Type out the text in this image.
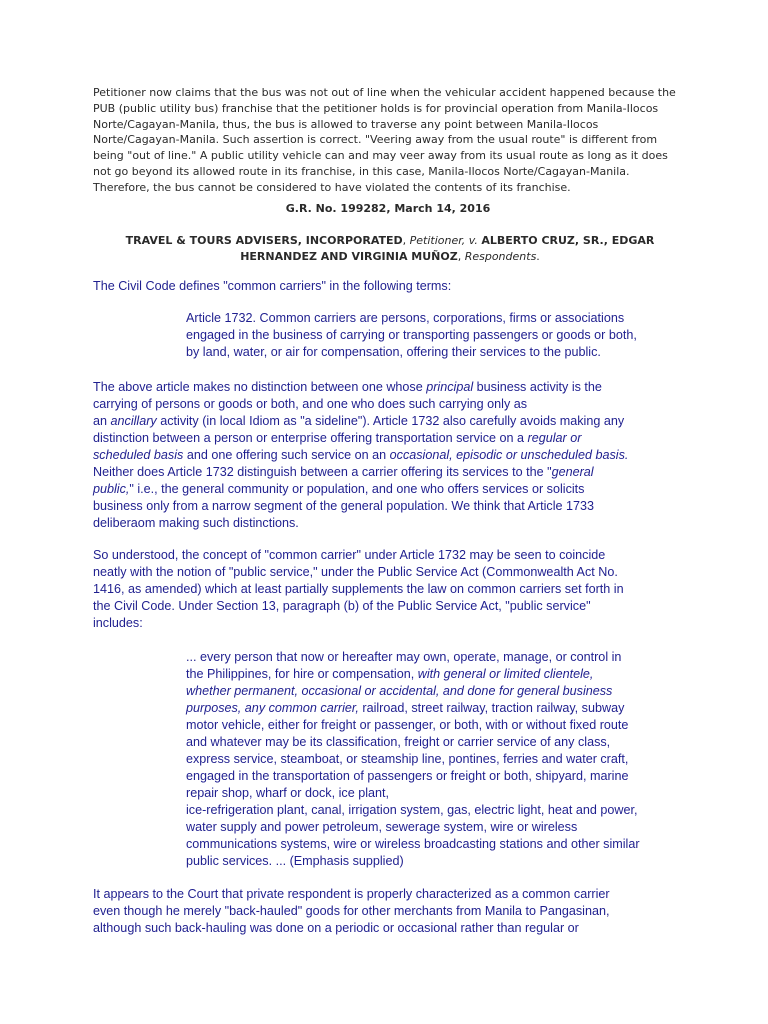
Petitioner now claims that the bus was not out of line when the vehicular accident happened because the
PUB (public utility bus) franchise that the petitioner holds is for provincial operation from Manila-Ilocos
Norte/Cagayan-Manila, thus, the bus is allowed to traverse any point between Manila-Ilocos
Norte/Cagayan-Manila. Such assertion is correct. "Veering away from the usual route" is different from
being "out of line." A public utility vehicle can and may veer away from its usual route as long as it does
not go beyond its allowed route in its franchise, in this case, Manila-Ilocos Norte/Cagayan-Manila.
Therefore, the bus cannot be considered to have violated the contents of its franchise.

G.R. No. 199282, March 14, 2016

TRAVEL & TOURS ADVISERS, INCORPORATED, Petitioner, v. ALBERTO CRUZ, SR., EDGAR
HERNANDEZ AND VIRGINIA MUÑOZ, Respondents.

The Civil Code defines "common carriers" in the following terms:

Article 1732. Common carriers are persons, corporations, firms or associations
engaged in the business of carrying or transporting passengers or goods or both,
by land, water, or air for compensation, offering their services to the public.

The above article makes no distinction between one whose principal business activity is the
carrying of persons or goods or both, and one who does such carrying only as
an ancillary activity (in local Idiom as "a sideline"). Article 1732 also carefully avoids making any
distinction between a person or enterprise offering transportation service on a regular or
scheduled basis and one offering such service on an occasional, episodic or unscheduled basis.
Neither does Article 1732 distinguish between a carrier offering its services to the "general
public," i.e., the general community or population, and one who offers services or solicits
business only from a narrow segment of the general population. We think that Article 1733
deliberaom making such distinctions.

So understood, the concept of "common carrier" under Article 1732 may be seen to coincide
neatly with the notion of "public service," under the Public Service Act (Commonwealth Act No.
1416, as amended) which at least partially supplements the law on common carriers set forth in
the Civil Code. Under Section 13, paragraph (b) of the Public Service Act, "public service"
includes:

... every person that now or hereafter may own, operate, manage, or control in
the Philippines, for hire or compensation, with general or limited clientele,
whether permanent, occasional or accidental, and done for general business
purposes, any common carrier, railroad, street railway, traction railway, subway
motor vehicle, either for freight or passenger, or both, with or without fixed route
and whatever may be its classification, freight or carrier service of any class,
express service, steamboat, or steamship line, pontines, ferries and water craft,
engaged in the transportation of passengers or freight or both, shipyard, marine
repair shop, wharf or dock, ice plant,
ice-refrigeration plant, canal, irrigation system, gas, electric light, heat and power,
water supply and power petroleum, sewerage system, wire or wireless
communications systems, wire or wireless broadcasting stations and other similar
public services. ... (Emphasis supplied)

It appears to the Court that private respondent is properly characterized as a common carrier
even though he merely "back-hauled" goods for other merchants from Manila to Pangasinan,
although such back-hauling was done on a periodic or occasional rather than regular or
